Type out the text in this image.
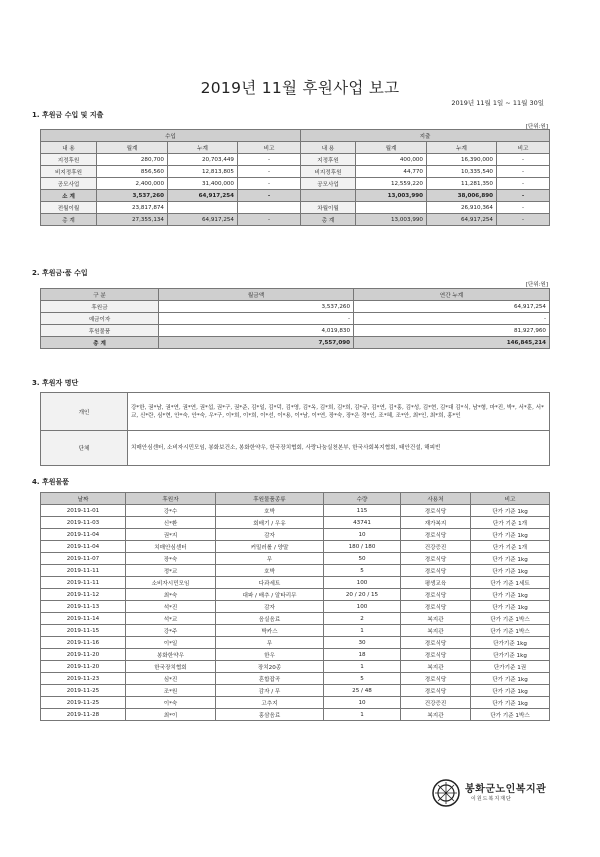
2019년 11월 후원사업 보고
2019년 11월 1일 ~ 11월 30일
1. 후원금 수입 및 지출
[단위:원]
수입				지출			
내 용	월계	누계	비고	내 용	월계	누계	비고
지정후원	280,700	20,703,449	-	지정후원	400,000	16,390,000	-
비지정후원	856,560	12,813,805	-	비지정후원	44,770	10,335,540	-
공모사업	2,400,000	31,400,000	-	공모사업	12,559,220	11,281,350	-
소 계	3,537,260	64,917,254	-		13,003,990	38,006,890	-
전월이월	23,817,874			차월이월		26,910,364	-
총 계	27,355,134	64,917,254	-	총 계	13,003,990	64,917,254	-
2. 후원금·품 수입
[단위:원]
구 분	월금액	연간 누계
후원금	3,537,260	64,917,254
예금이자	-	-
후원물품	4,019,830	81,927,960
총 계	7,557,090	146,845,214
3. 후원자 명단
개인	강*한, 권*남, 권*연, 권*연, 권*섭, 권*구, 권*준, 김*일, 김*덕, 김*영, 김*옥, 김*희, 김*희, 김*규, 김*연, 김*홍, 김*성, 김*현, 김*대 김*식, 남*형, 마*진, 박*, 서*훈, 서*교, 신*란, 심*현, 안*숙, 안*숙, 우*구, 이*희, 이*희, 이*선, 이*용, 이*남, 이*연, 장*숙, 장*은 정*인, 조*혜, 조*안, 최*인, 최*희, 홍*인
단체	치매안심센터, 소비자시민모임, 봉화보건소, 봉화한약우, 한국장치협회, 사랑나눔실천본부, 한국사회복지협회, 태안건설, 해피빈
4. 후원물품
날짜	후원자	후원물품종류	수량	사용처	비고
2019-11-01	강*수	호박	115	경로식당	단가 기준 1kg
2019-11-03	신*환	회배기 / 우유	43741	재가복지	단가 기준 1개
2019-11-04	권*지	감자	10	경로식당	단가 기준 1kg
2019-11-04	치매안심센터	커밀러롤 / 양말	180 / 180	건강증진	단가 기준 1개
2019-11-07	장*숙	무	50	경로식당	단가 기준 1kg
2019-11-11	정*교	호박	5	경로식당	단가 기준 1kg
2019-11-11	소비자시민모임	다과세트	100	평생교육	단가 기준 1세트
2019-11-12	최*숙	대파 / 배추 / 알타리무	20 / 20 / 15	경로식당	단가 기준 1kg
2019-11-13	석*진	감자	100	경로식당	단가 기준 1kg
2019-11-14	석*교	음실음료	2	복지관	단가 기준 1박스
2019-11-15	강*주	박카스	1	복지관	단가 기준 1박스
2019-11-16	이*일	무	30	경로식당	단가기준 1kg
2019-11-20	봉화한약우	한우	18	경로식당	단가기준 1kg
2019-11-20	한국장치협회	장치20종	1	복지관	단가기준 1권
2019-11-23	심*진	혼합잡곡	5	경로식당	단가 기준 1kg
2019-11-25	조*원	감자 / 무	25 / 48	경로식당	단가 기준 1kg
2019-11-25	이*숙	고추지	10	건강증진	단가 기준 1kg
2019-11-28	최*이	홍삼음료	1	복지관	단가 기준 1박스
봉화군노인복지관
이원드복지재단
